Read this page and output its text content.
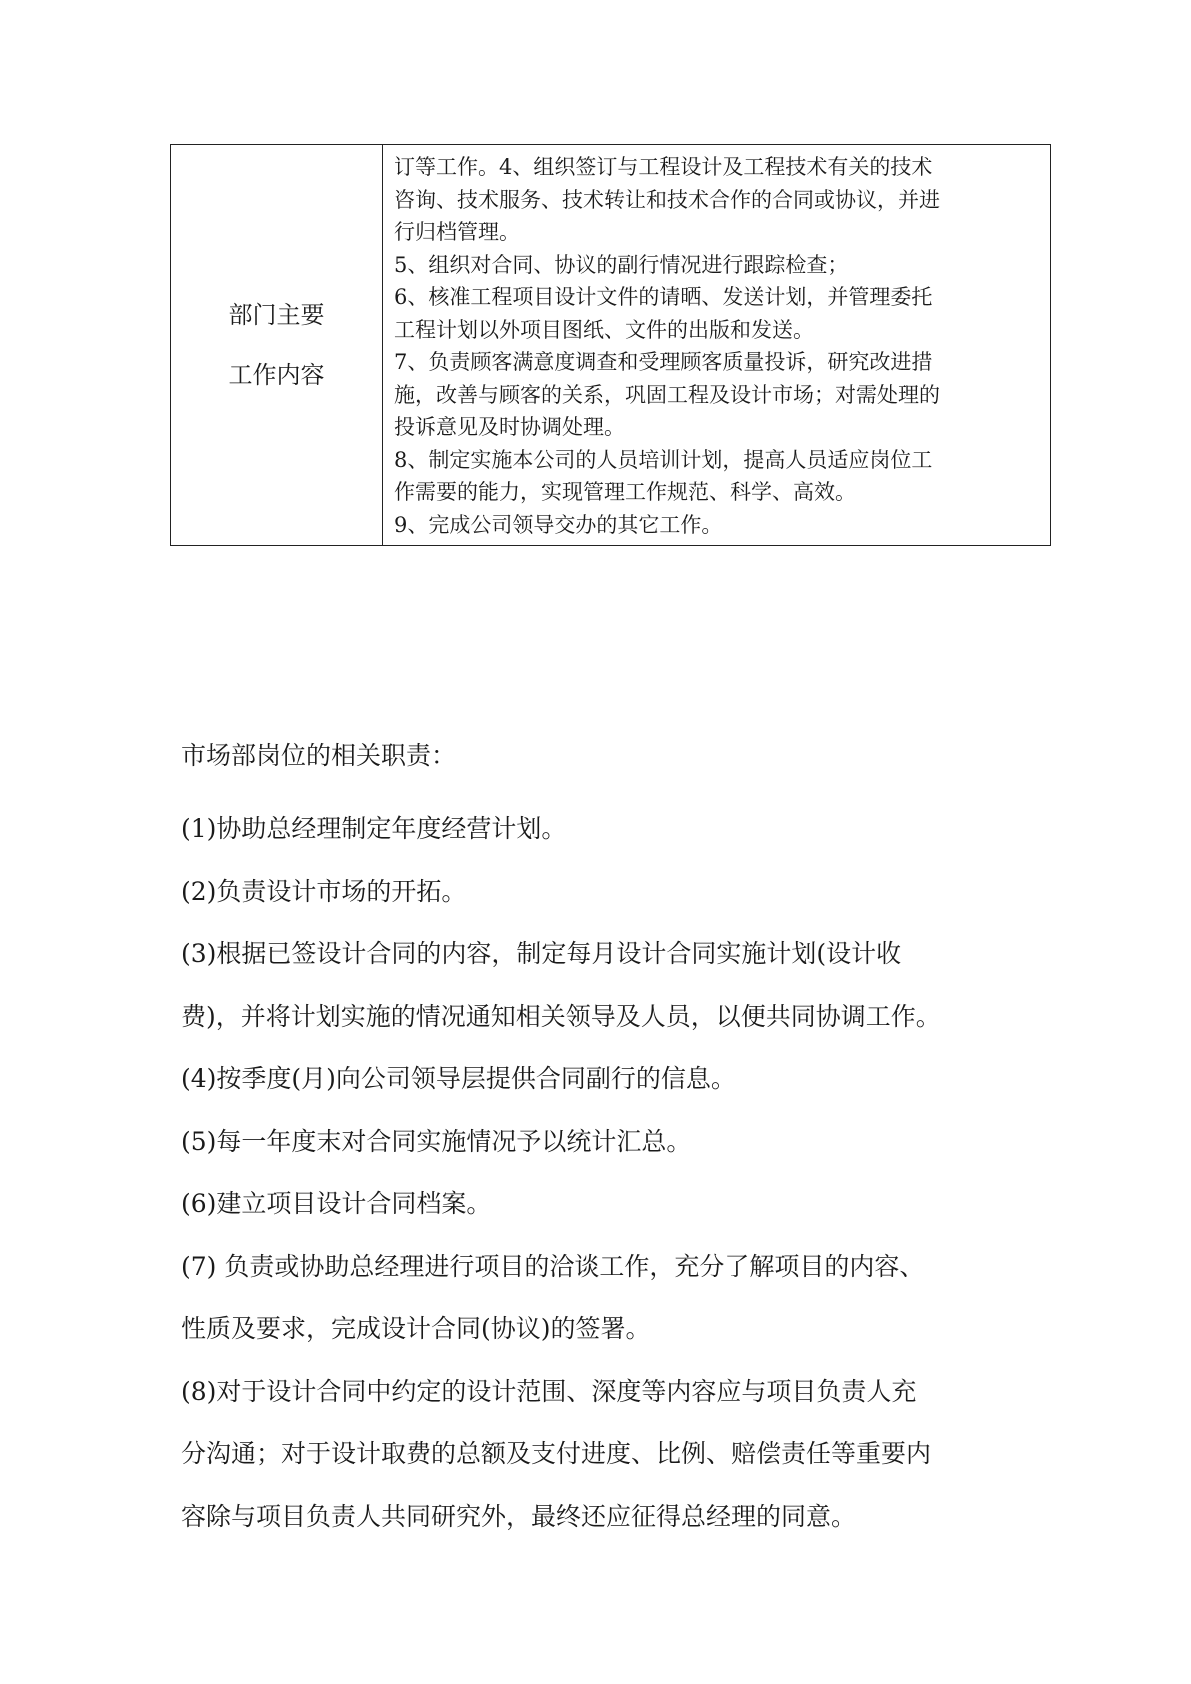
部门主要
工作内容

订等工作。4、组织签订与工程设计及工程技术有关的技术
咨询、技术服务、技术转让和技术合作的合同或协议，并进
行归档管理。
5、组织对合同、协议的副行情况进行跟踪检查；
6、核准工程项目设计文件的请晒、发送计划，并管理委托
工程计划以外项目图纸、文件的出版和发送。
7、负责顾客满意度调查和受理顾客质量投诉，研究改进措
施，改善与顾客的关系，巩固工程及设计市场；对需处理的
投诉意见及时协调处理。
8、制定实施本公司的人员培训计划，提高人员适应岗位工
作需要的能力，实现管理工作规范、科学、高效。
9、完成公司领导交办的其它工作。
市场部岗位的相关职责：

(1)协助总经理制定年度经营计划。

(2)负责设计市场的开拓。

(3)根据已签设计合同的内容，制定每月设计合同实施计划(设计收
费)，并将计划实施的情况通知相关领导及人员，以便共同协调工作。

(4)按季度(月)向公司领导层提供合同副行的信息。

(5)每一年度末对合同实施情况予以统计汇总。

(6)建立项目设计合同档案。

(7) 负责或协助总经理进行项目的洽谈工作，充分了解项目的内容、
性质及要求，完成设计合同(协议)的签署。

(8)对于设计合同中约定的设计范围、深度等内容应与项目负责人充
分沟通；对于设计取费的总额及支付进度、比例、赔偿责任等重要内
容除与项目负责人共同研究外，最终还应征得总经理的同意。
